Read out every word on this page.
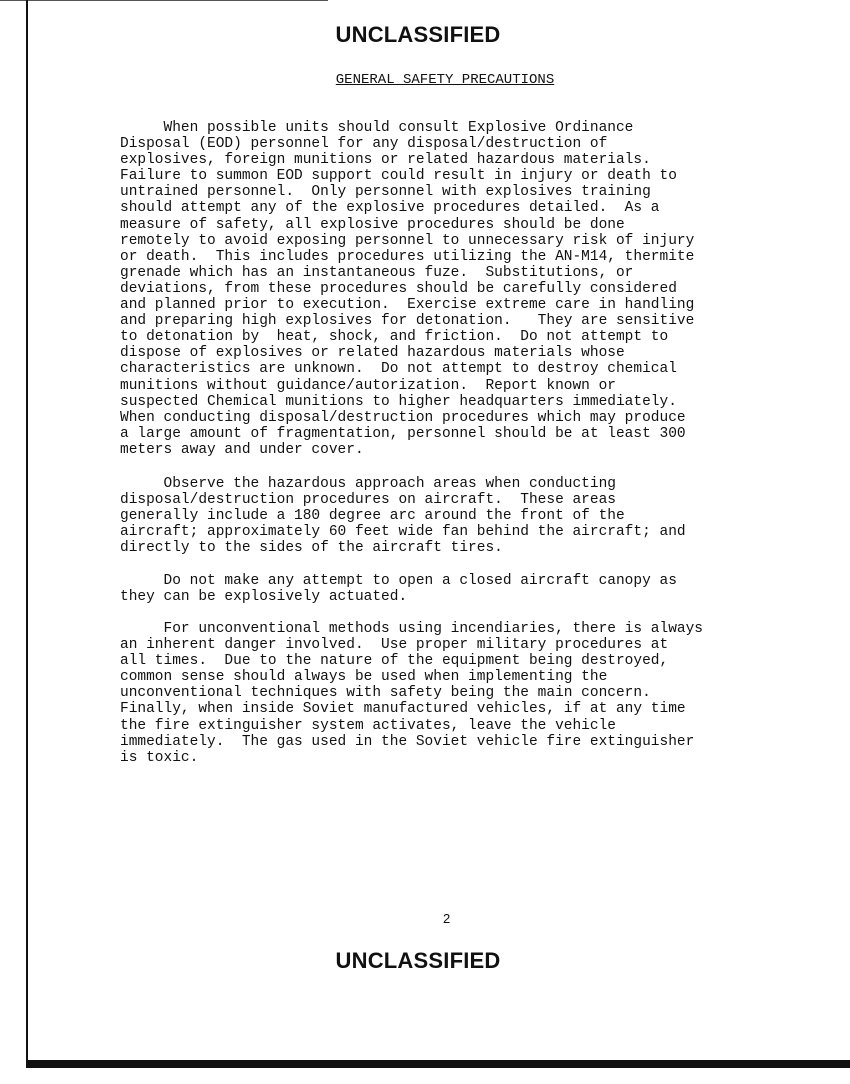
UNCLASSIFIED
GENERAL SAFETY PRECAUTIONS
When possible units should consult Explosive Ordinance
Disposal (EOD) personnel for any disposal/destruction of
explosives, foreign munitions or related hazardous materials.
Failure to summon EOD support could result in injury or death to
untrained personnel.  Only personnel with explosives training
should attempt any of the explosive procedures detailed.  As a
measure of safety, all explosive procedures should be done
remotely to avoid exposing personnel to unnecessary risk of injury
or death.  This includes procedures utilizing the AN-M14, thermite
grenade which has an instantaneous fuze.  Substitutions, or
deviations, from these procedures should be carefully considered
and planned prior to execution.  Exercise extreme care in handling
and preparing high explosives for detonation.   They are sensitive
to detonation by  heat, shock, and friction.  Do not attempt to
dispose of explosives or related hazardous materials whose
characteristics are unknown.  Do not attempt to destroy chemical
munitions without guidance/autorization.  Report known or
suspected Chemical munitions to higher headquarters immediately.
When conducting disposal/destruction procedures which may produce
a large amount of fragmentation, personnel should be at least 300
meters away and under cover.
Observe the hazardous approach areas when conducting
disposal/destruction procedures on aircraft.  These areas
generally include a 180 degree arc around the front of the
aircraft; approximately 60 feet wide fan behind the aircraft; and
directly to the sides of the aircraft tires.
Do not make any attempt to open a closed aircraft canopy as
they can be explosively actuated.
For unconventional methods using incendiaries, there is always
an inherent danger involved.  Use proper military procedures at
all times.  Due to the nature of the equipment being destroyed,
common sense should always be used when implementing the
unconventional techniques with safety being the main concern.
Finally, when inside Soviet manufactured vehicles, if at any time
the fire extinguisher system activates, leave the vehicle
immediately.  The gas used in the Soviet vehicle fire extinguisher
is toxic.
2
UNCLASSIFIED
